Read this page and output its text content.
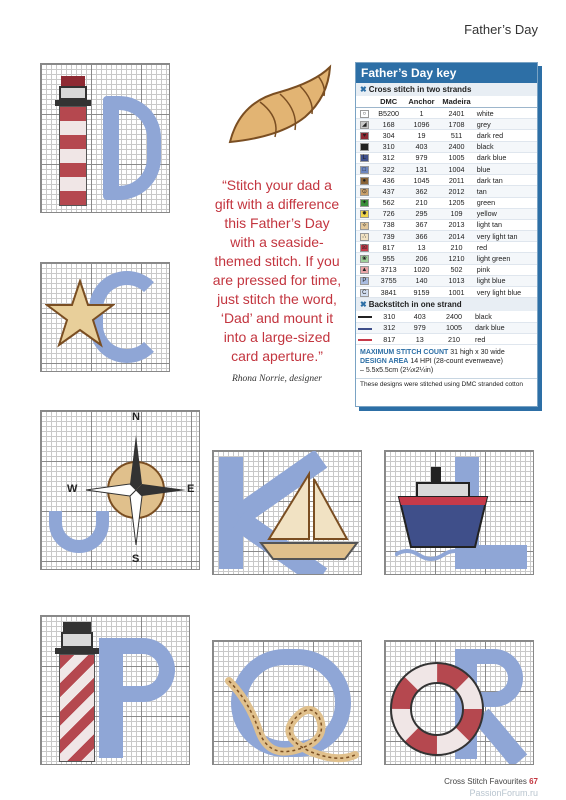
Father’s Day
“Stitch your dad a gift with a difference this Father’s Day with a seaside-themed stitch. If you are pressed for time, just stitch the word, ‘Dad’ and mount it into a large-sized card aperture.”
Rhona Norrie, designer
Father’s Day key
✖ Cross stitch in two strands
	DMC	Anchor	Madeira	
○	B5200	1	2401	white
◢	168	1096	1708	grey
♥	304	19	511	dark red
■	310	403	2400	black
L	312	979	1005	dark blue
□	322	131	1004	blue
●	436	1045	2011	dark tan
⊙	437	362	2012	tan
✦	562	210	1205	green
✸	726	295	109	yellow
✧	738	367	2013	light tan
∴	739	366	2014	very light tan
☒	817	13	210	red
❀	955	206	1210	light green
▲	3713	1020	502	pink
P	3755	140	1013	light blue
C	3841	9159	1001	very light blue
✖ Backstitch in one strand
	310	403	2400	black
	312	979	1005	dark blue
	817	13	210	red
MAXIMUM STITCH COUNT 31 high x 30 wide
DESIGN AREA 14 HPI (28-count evenweave)
– 5.5x5.5cm (2¼x2¼in)
These designs were stitched using DMC stranded cotton
N
S
W	E
Cross Stitch Favourites 67
PassionForum.ru
